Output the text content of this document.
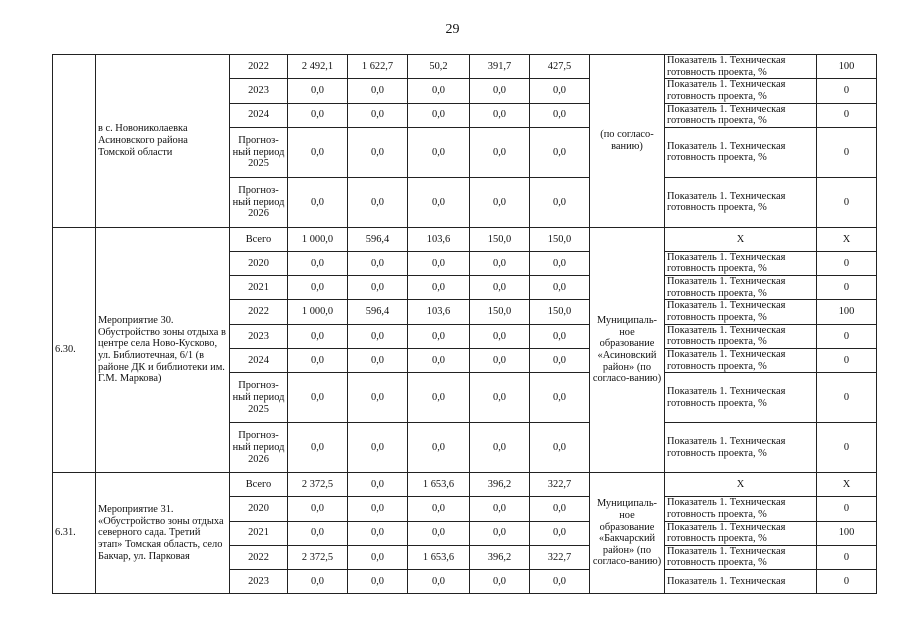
29
	в с. Новониколаевка Асиновского района Томской области	2022	2 492,1	1 622,7	50,2	391,7	427,5	(по согласо-ванию)	Показатель 1. Техническая готовность проекта, %	100
		2023	0,0	0,0	0,0	0,0	0,0		Показатель 1. Техническая готовность проекта, %	0
		2024	0,0	0,0	0,0	0,0	0,0		Показатель 1. Техническая готовность проекта, %	0
		Прогноз-ный период 2025	0,0	0,0	0,0	0,0	0,0		Показатель 1. Техническая готовность проекта, %	0
		Прогноз-ный период 2026	0,0	0,0	0,0	0,0	0,0		Показатель 1. Техническая готовность проекта, %	0
6.30.	Мероприятие 30. Обустройство зоны отдыха в центре села Ново-Кусково, ул. Библиотечная, 6/1 (в районе ДК и библиотеки им. Г.М. Маркова)	Всего	1 000,0	596,4	103,6	150,0	150,0	Муниципаль-ное образование «Асиновский район» (по согласо-ванию)	X	X
		2020	0,0	0,0	0,0	0,0	0,0		Показатель 1. Техническая готовность проекта, %	0
		2021	0,0	0,0	0,0	0,0	0,0		Показатель 1. Техническая готовность проекта, %	0
		2022	1 000,0	596,4	103,6	150,0	150,0		Показатель 1. Техническая готовность проекта, %	100
		2023	0,0	0,0	0,0	0,0	0,0		Показатель 1. Техническая готовность проекта, %	0
		2024	0,0	0,0	0,0	0,0	0,0		Показатель 1. Техническая готовность проекта, %	0
		Прогноз-ный период 2025	0,0	0,0	0,0	0,0	0,0		Показатель 1. Техническая готовность проекта, %	0
		Прогноз-ный период 2026	0,0	0,0	0,0	0,0	0,0		Показатель 1. Техническая готовность проекта, %	0
6.31.	Мероприятие 31. «Обустройство зоны отдыха северного сада. Третий этап» Томская область, село Бакчар, ул. Парковая	Всего	2 372,5	0,0	1 653,6	396,2	322,7	Муниципаль-ное образование «Бакчарский район» (по согласо-ванию)	X	X
		2020	0,0	0,0	0,0	0,0	0,0		Показатель 1. Техническая готовность проекта, %	0
		2021	0,0	0,0	0,0	0,0	0,0		Показатель 1. Техническая готовность проекта, %	100
		2022	2 372,5	0,0	1 653,6	396,2	322,7		Показатель 1. Техническая готовность проекта, %	0
		2023	0,0	0,0	0,0	0,0	0,0		Показатель 1. Техническая	0
